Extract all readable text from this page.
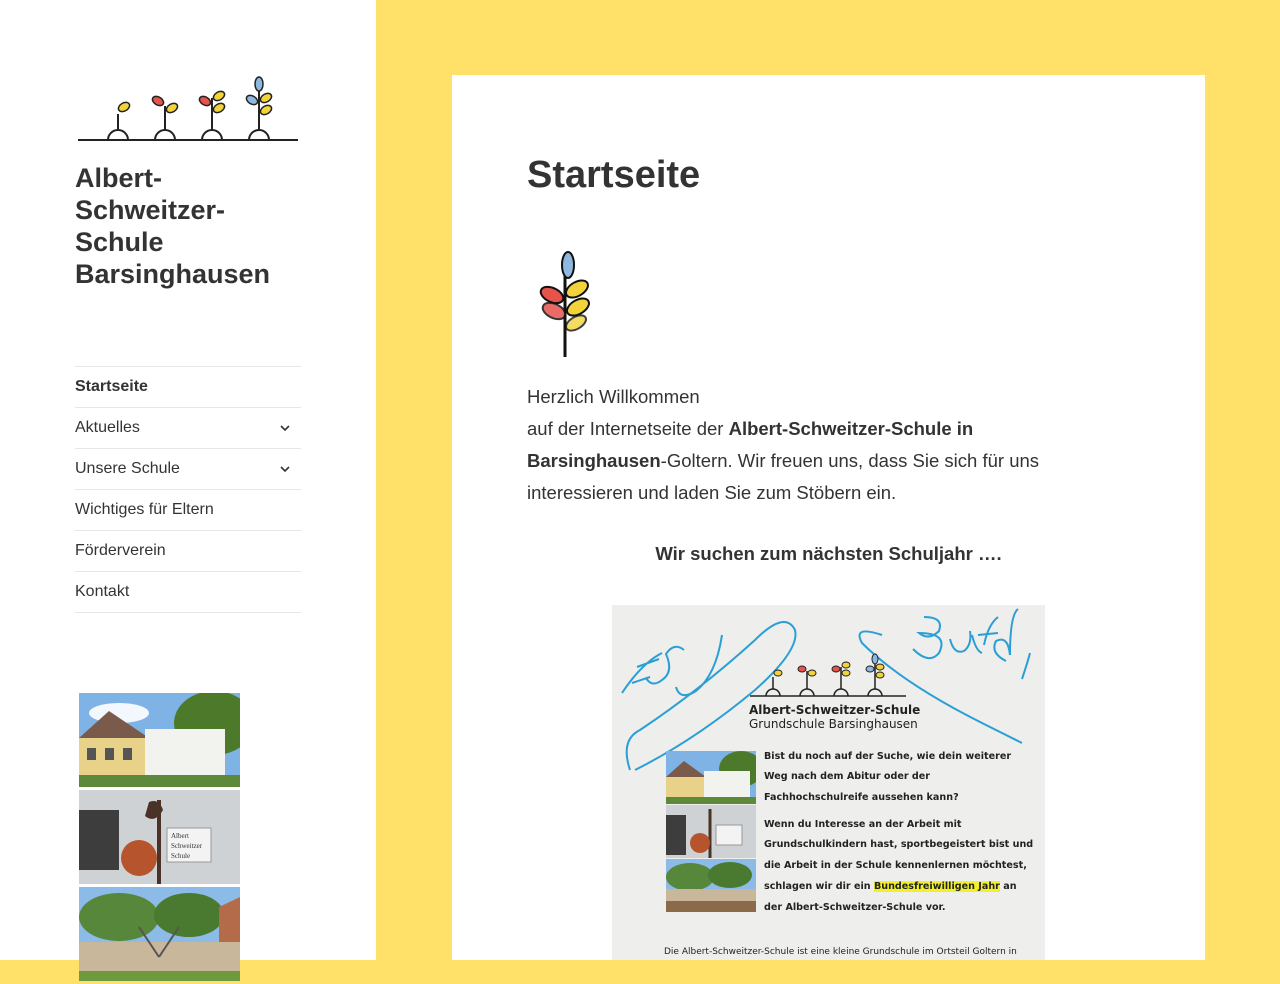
Albert-
Schweitzer-
Schule
Barsinghausen

Startseite
Aktuelles
Unsere Schule
Wichtiges für Eltern
Förderverein
Kontakt
Albert
Schweitzer
Schule
Startseite
Herzlich Willkommen
auf der Internetseite der Albert-Schweitzer-Schule in Barsinghausen-Goltern. Wir freuen uns, dass Sie sich für uns interessieren und laden Sie zum Stöbern ein.
Wir suchen zum nächsten Schuljahr ….
Albert-Schweitzer-Schule
Grundschule Barsinghausen
Bist du noch auf der Suche, wie dein weiterer
Weg nach dem Abitur oder der
Fachhochschulreife aussehen kann?
Wenn du Interesse an der Arbeit mit
Grundschulkindern hast, sportbegeistert bist und
die Arbeit in der Schule kennenlernen möchtest,
schlagen wir dir ein Bundesfreiwilligen Jahr an
der Albert-Schweitzer-Schule vor.
Die Albert-Schweitzer-Schule ist eine kleine Grundschule im Ortsteil Goltern in
